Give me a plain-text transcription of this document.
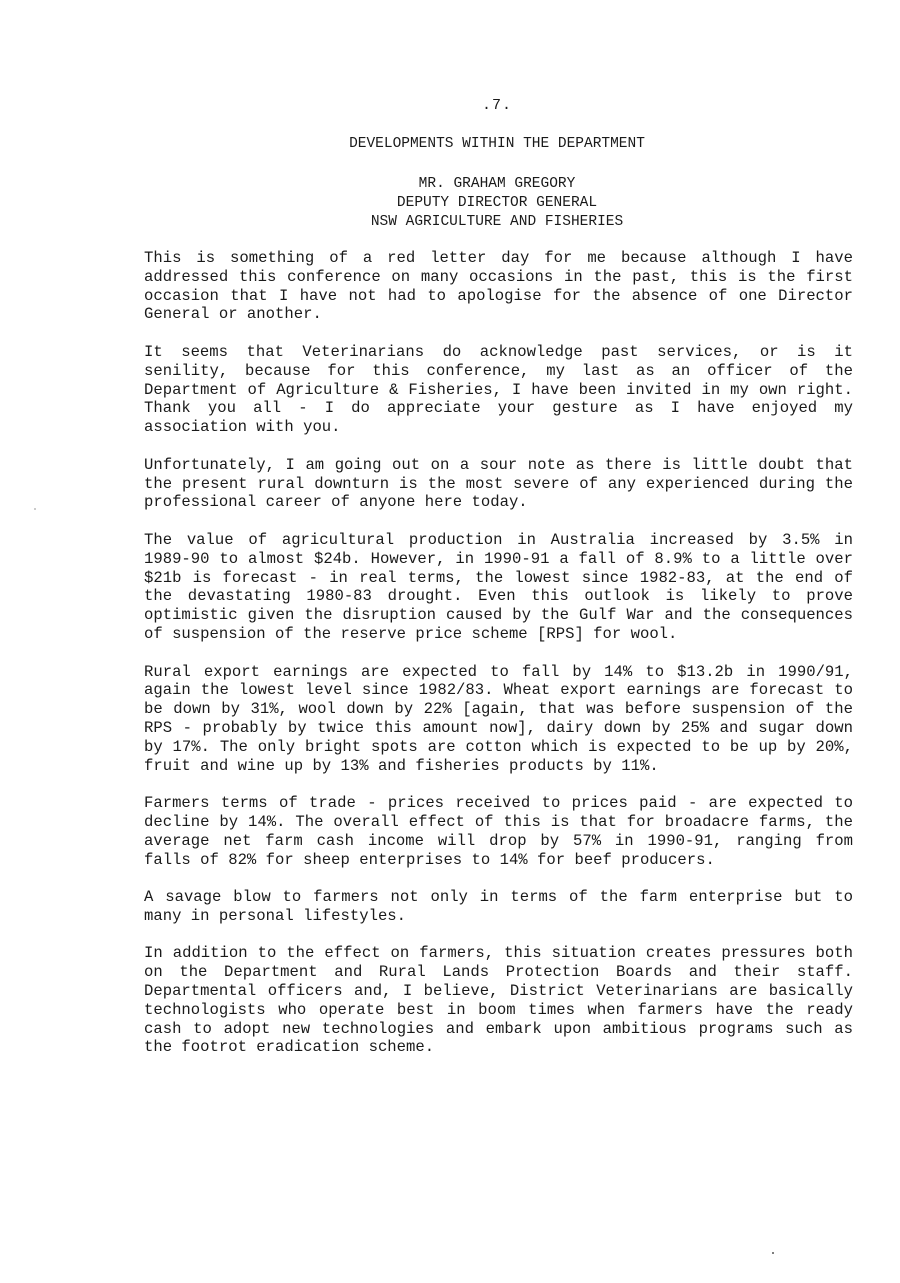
.7.
DEVELOPMENTS WITHIN THE DEPARTMENT
MR. GRAHAM GREGORY
DEPUTY DIRECTOR GENERAL
NSW AGRICULTURE AND FISHERIES

This is something of a red letter day for me because although I have addressed this conference on many occasions in the past, this is the first occasion that I have not had to apologise for the absence of one Director General or another.

It seems that Veterinarians do acknowledge past services, or is it senility, because for this conference, my last as an officer of the Department of Agriculture & Fisheries, I have been invited in my own right. Thank you all - I do appreciate your gesture as I have enjoyed my association with you.

Unfortunately, I am going out on a sour note as there is little doubt that the present rural downturn is the most severe of any experienced during the professional career of anyone here today.

The value of agricultural production in Australia increased by 3.5% in 1989-90 to almost $24b. However, in 1990-91 a fall of 8.9% to a little over $21b is forecast - in real terms, the lowest since 1982-83, at the end of the devastating 1980-83 drought. Even this outlook is likely to prove optimistic given the disruption caused by the Gulf War and the consequences of suspension of the reserve price scheme [RPS] for wool.

Rural export earnings are expected to fall by 14% to $13.2b in 1990/91, again the lowest level since 1982/83. Wheat export earnings are forecast to be down by 31%, wool down by 22% [again, that was before suspension of the RPS - probably by twice this amount now], dairy down by 25% and sugar down by 17%. The only bright spots are cotton which is expected to be up by 20%, fruit and wine up by 13% and fisheries products by 11%.

Farmers terms of trade - prices received to prices paid - are expected to decline by 14%. The overall effect of this is that for broadacre farms, the average net farm cash income will drop by 57% in 1990-91, ranging from falls of 82% for sheep enterprises to 14% for beef producers.

A savage blow to farmers not only in terms of the farm enterprise but to many in personal lifestyles.

In addition to the effect on farmers, this situation creates pressures both on the Department and Rural Lands Protection Boards and their staff. Departmental officers and, I believe, District Veterinarians are basically technologists who operate best in boom times when farmers have the ready cash to adopt new technologies and embark upon ambitious programs such as the footrot eradication scheme.
